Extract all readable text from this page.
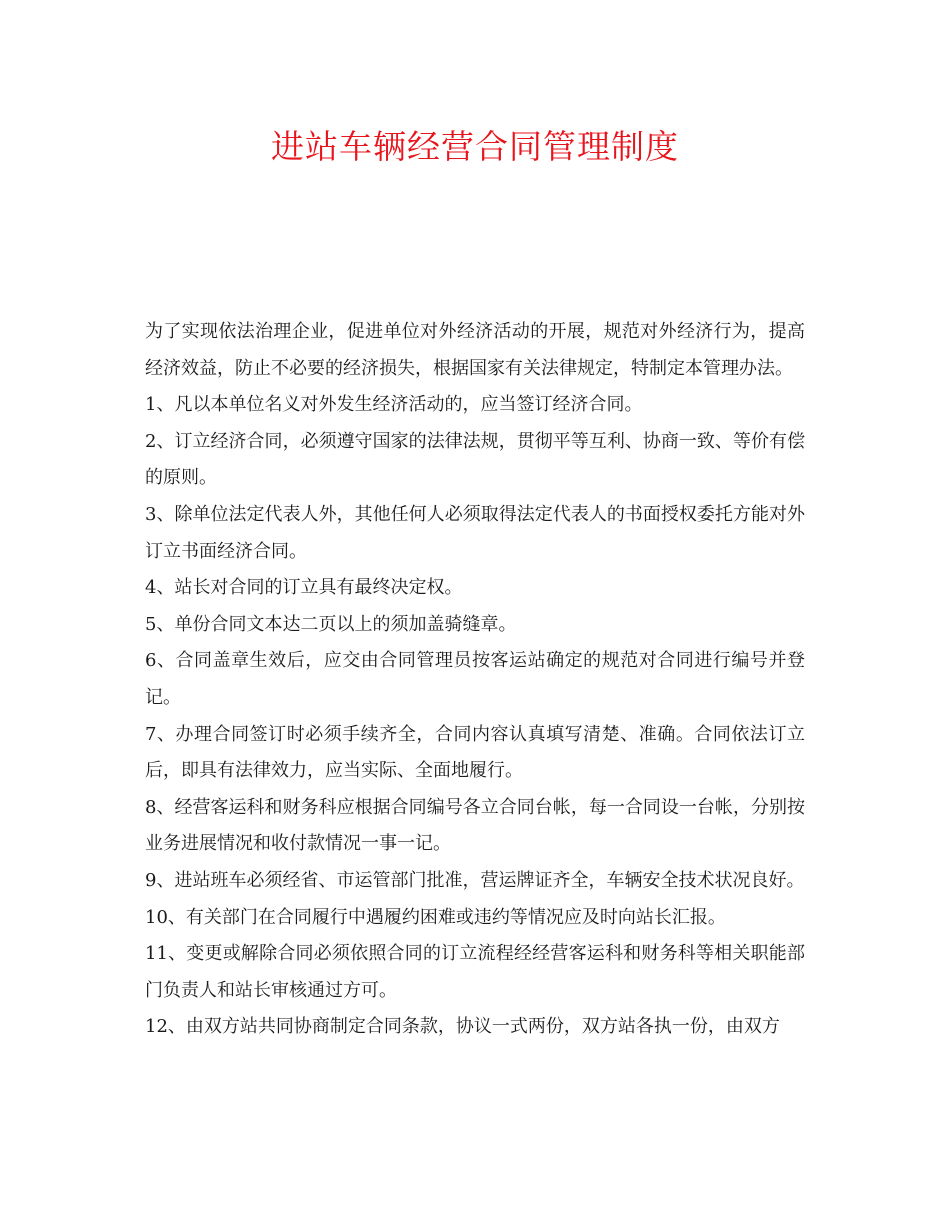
进站车辆经营合同管理制度

为了实现依法治理企业，促进单位对外经济活动的开展，规范对外经济行为，提高经济效益，防止不必要的经济损失，根据国家有关法律规定，特制定本管理办法。

1、凡以本单位名义对外发生经济活动的，应当签订经济合同。

2、订立经济合同，必须遵守国家的法律法规，贯彻平等互利、协商一致、等价有偿的原则。

3、除单位法定代表人外，其他任何人必须取得法定代表人的书面授权委托方能对外订立书面经济合同。

4、站长对合同的订立具有最终决定权。

5、单份合同文本达二页以上的须加盖骑缝章。

6、合同盖章生效后，应交由合同管理员按客运站确定的规范对合同进行编号并登记。

7、办理合同签订时必须手续齐全，合同内容认真填写清楚、准确。合同依法订立后，即具有法律效力，应当实际、全面地履行。

8、经营客运科和财务科应根据合同编号各立合同台帐，每一合同设一台帐，分别按业务进展情况和收付款情况一事一记。

9、进站班车必须经省、市运管部门批准，营运牌证齐全，车辆安全技术状况良好。

10、有关部门在合同履行中遇履约困难或违约等情况应及时向站长汇报。

11、变更或解除合同必须依照合同的订立流程经经营客运科和财务科等相关职能部门负责人和站长审核通过方可。

12、由双方站共同协商制定合同条款，协议一式两份，双方站各执一份，由双方
